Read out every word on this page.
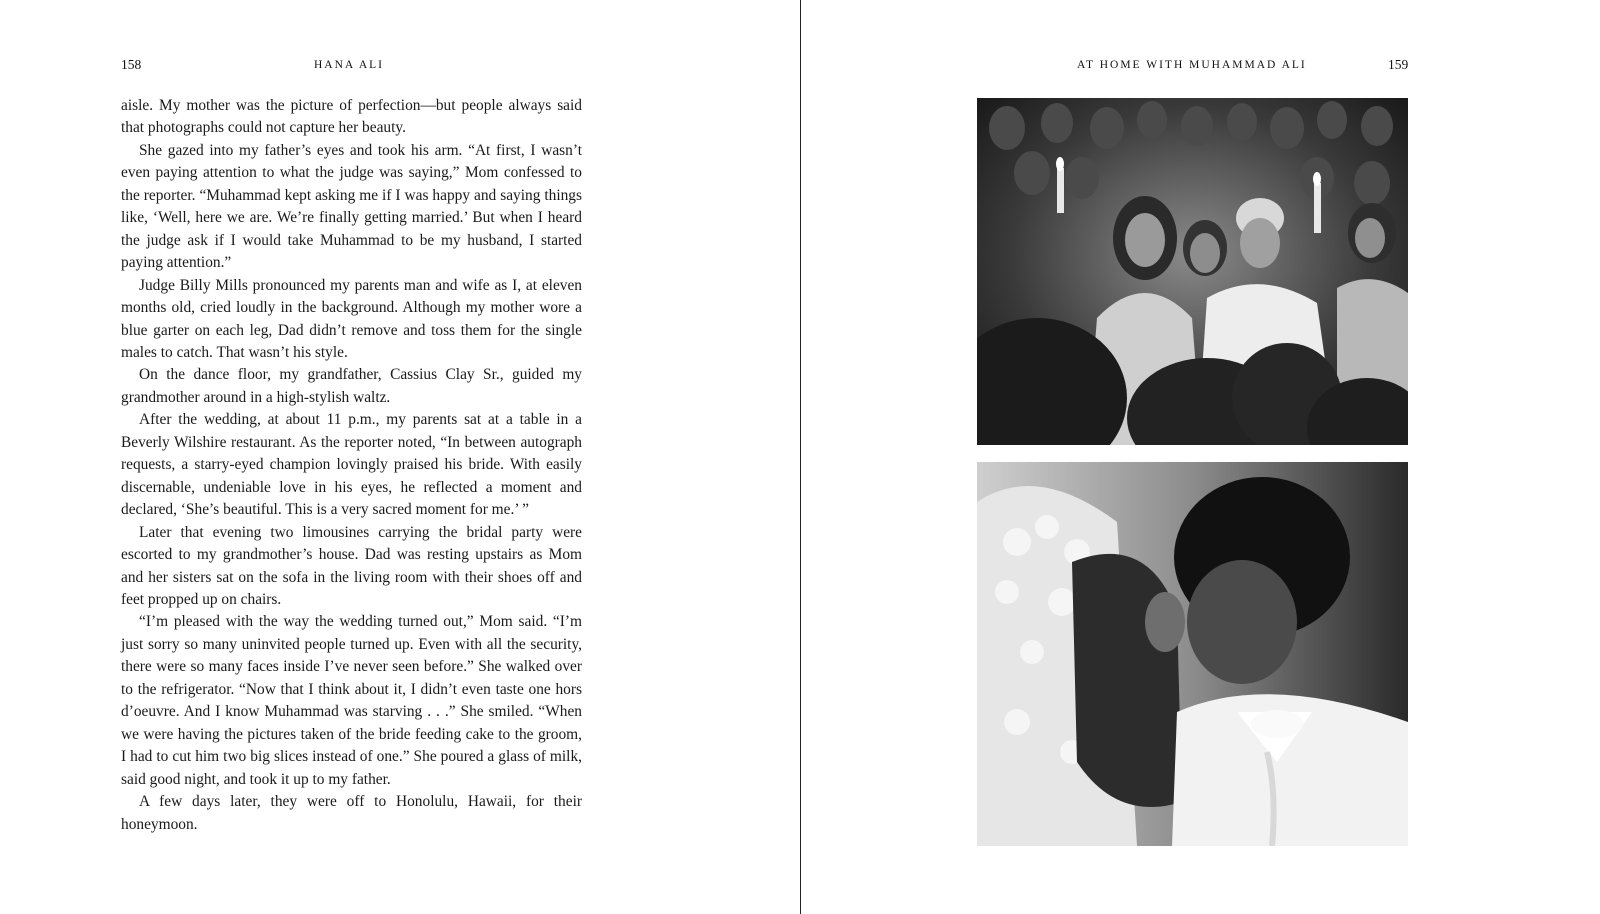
158	HANA ALI

aisle. My mother was the picture of perfection—but people always said that photographs could not capture her beauty.

She gazed into my father’s eyes and took his arm. “At first, I wasn’t even paying attention to what the judge was saying,” Mom confessed to the reporter. “Muhammad kept asking me if I was happy and saying things like, ‘Well, here we are. We’re finally getting married.’ But when I heard the judge ask if I would take Muhammad to be my husband, I started paying attention.”

Judge Billy Mills pronounced my parents man and wife as I, at eleven months old, cried loudly in the background. Although my mother wore a blue garter on each leg, Dad didn’t remove and toss them for the single males to catch. That wasn’t his style.

On the dance floor, my grandfather, Cassius Clay Sr., guided my grandmother around in a high-stylish waltz.

After the wedding, at about 11 p.m., my parents sat at a table in a Beverly Wilshire restaurant. As the reporter noted, “In between autograph requests, a starry-eyed champion lovingly praised his bride. With easily discernable, undeniable love in his eyes, he reflected a moment and declared, ‘She’s beautiful. This is a very sacred moment for me.’ ”

Later that evening two limousines carrying the bridal party were escorted to my grandmother’s house. Dad was resting upstairs as Mom and her sisters sat on the sofa in the living room with their shoes off and feet propped up on chairs.

“I’m pleased with the way the wedding turned out,” Mom said. “I’m just sorry so many uninvited people turned up. Even with all the security, there were so many faces inside I’ve never seen before.” She walked over to the refrigerator. “Now that I think about it, I didn’t even taste one hors d’oeuvre. And I know Muhammad was starving . . .” She smiled. “When we were having the pictures taken of the bride feeding cake to the groom, I had to cut him two big slices instead of one.” She poured a glass of milk, said good night, and took it up to my father.

A few days later, they were off to Honolulu, Hawaii, for their honeymoon.

AT HOME WITH MUHAMMAD ALI	159
